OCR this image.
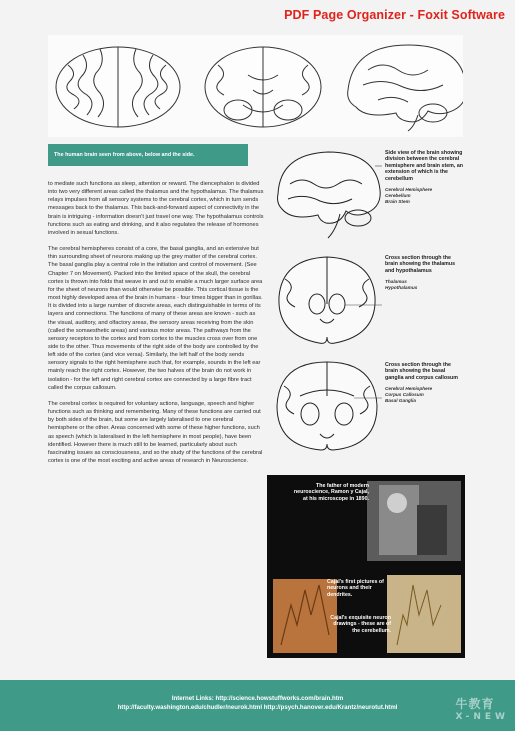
PDF Page Organizer - Foxit Software
The human brain seen from above, below and the side.

to mediate such functions as sleep, attention or reward. The diencephalon is divided into two very different areas called the thalamus and the hypothalamus. The thalamus relays impulses from all sensory systems to the cerebral cortex, which in turn sends messages back to the thalamus. This back-and-forward aspect of connectivity in the brain is intriguing - information doesn't just travel one way. The hypothalamus controls functions such as eating and drinking, and it also regulates the release of hormones involved in sexual functions.

The cerebral hemispheres consist of a core, the basal ganglia, and an extensive but thin surrounding sheet of neurons making up the grey matter of the cerebral cortex. The basal ganglia play a central role in the initiation and control of movement. (See Chapter 7 on Movement). Packed into the limited space of the skull, the cerebral cortex is thrown into folds that weave in and out to enable a much larger surface area for the sheet of neurons than would otherwise be possible. This cortical tissue is the most highly developed area of the brain in humans - four times bigger than in gorillas. It is divided into a large number of discrete areas, each distinguishable in terms of its layers and connections. The functions of many of these areas are known - such as the visual, auditory, and olfactory areas, the sensory areas receiving from the skin (called the somaesthetic areas) and various motor areas. The pathways from the sensory receptors to the cortex and from cortex to the muscles cross over from one side to the other. Thus movements of the right side of the body are controlled by the left side of the cortex (and vice versa). Similarly, the left half of the body sends sensory signals to the right hemisphere such that, for example, sounds in the left ear mainly reach the right cortex. However, the two halves of the brain do not work in isolation - for the left and right cerebral cortex are connected by a large fibre tract called the corpus callosum.

The cerebral cortex is required for voluntary actions, language, speech and higher functions such as thinking and remembering. Many of these functions are carried out by both sides of the brain, but some are largely lateralised to one cerebral hemisphere or the other. Areas concerned with some of these higher functions, such as speech (which is lateralised in the left hemisphere in most people), have been identified. However there is much still to be learned, particularly about such fascinating issues as consciousness, and so the study of the functions of the cerebral cortex is one of the most exciting and active areas of research in Neuroscience.

Side view of the brain showing division between the cerebral hemisphere and brain stem, an extension of which is the cerebellum
Cerebral Hemisphere
Cerebellum
Brain Stem
Cross section through the brain showing the thalamus and hypothalamus
Thalamus
Hypothalamus
Cross section through the brain showing the basal ganglia and corpus callosum
Cerebral Hemisphere
Corpus Callosum
Basal Ganglia
The father of modern neuroscience, Ramon y Cajal, at his microscope in 1890.
Cajal's first pictures of neurons and their dendrites.
Cajal's exquisite neuron drawings - these are of the cerebellum.
Internet Links: http://science.howstuffworks.com/brain.htm
http://faculty.washington.edu/chudler/neurok.html http://psych.hanover.edu/Krantz/neurotut.html	牛教育
X-NEW
